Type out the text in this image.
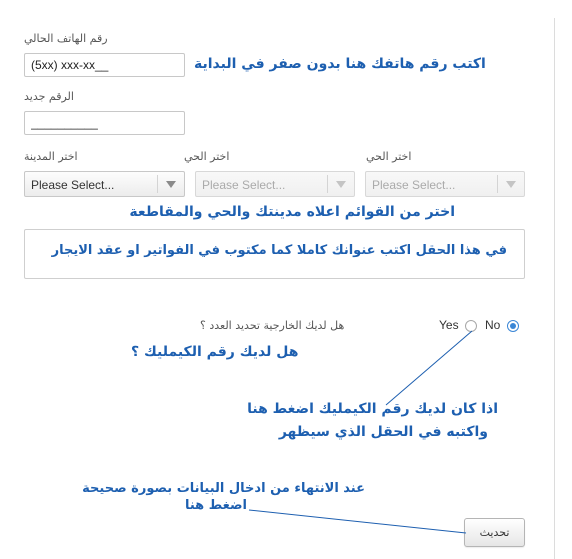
رقم الهاتف الحالي
(5xx) xxx-xx__
اكتب رقم هاتفك هنا بدون صفر في البداية
الرقم جديد
__________
اختر المدينة	اختر الحي	اختر الحي
Please Select...	Please Select...	Please Select...
اختر من القوائم اعلاه مدينتك والحي والمقاطعة
في هذا الحقل اكتب عنوانك كاملا كما مكتوب في الفواتير او عقد الايجار
هل لديك الخارجية تحديد العدد ؟	Yes No
هل لديك رقم الكيمليك ؟
اذا كان لديك رقم الكيمليك اضغط هنا
واكتبه في الحقل الذي سيظهر
عند الانتهاء من ادخال البيانات بصورة صحيحة
اضغط هنا
تحديث
